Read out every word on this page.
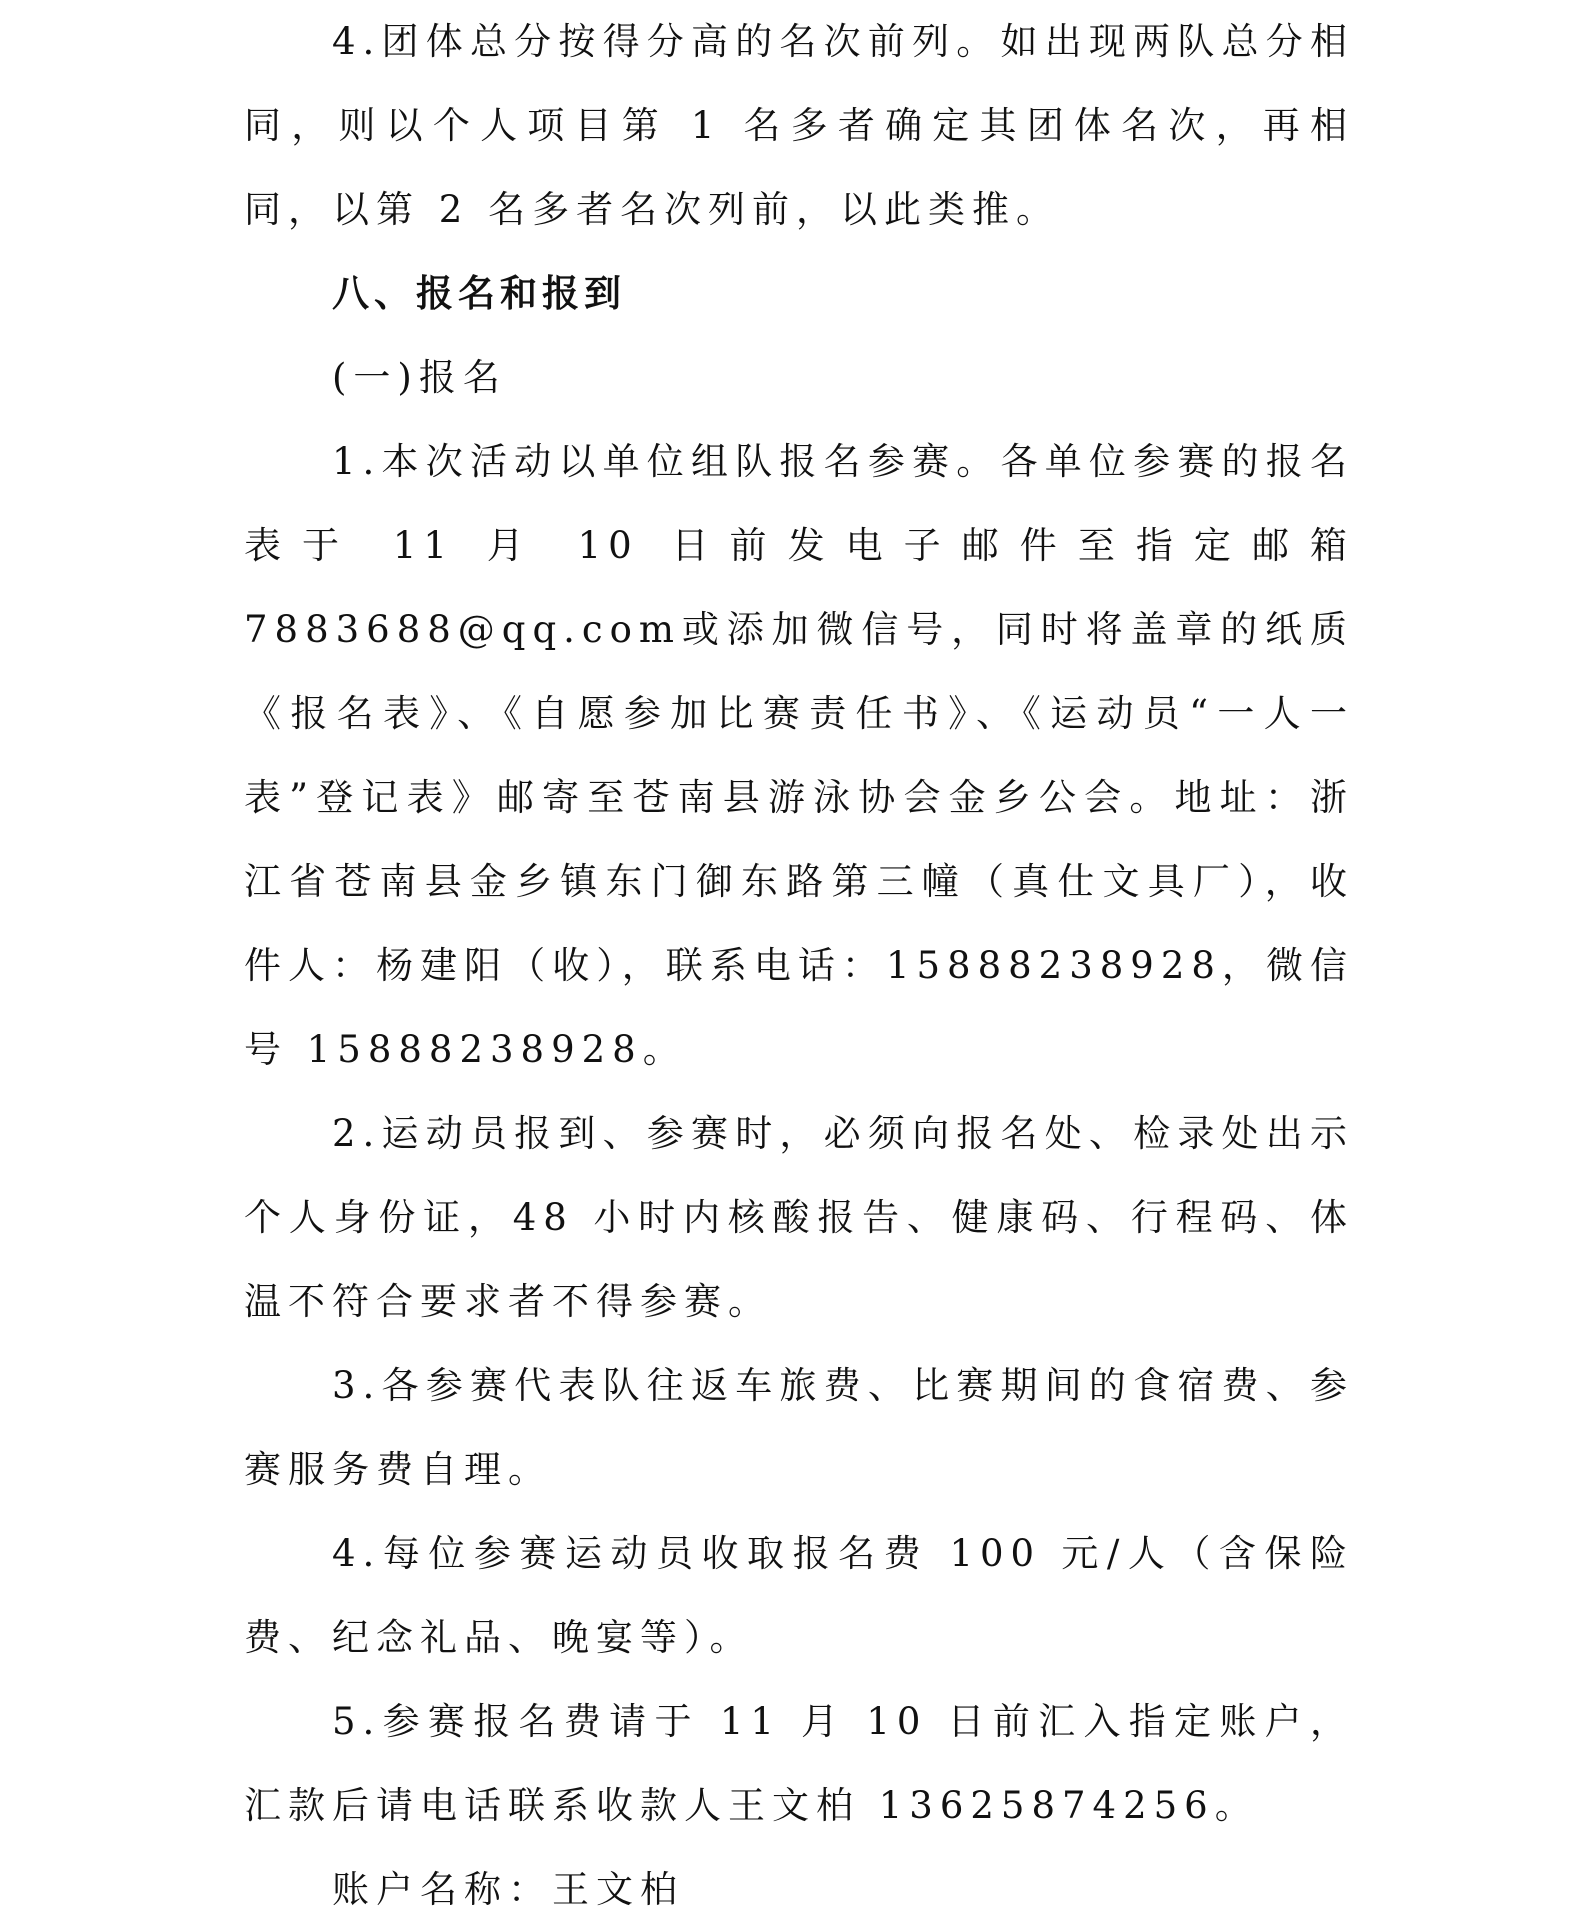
4.团体总分按得分高的名次前列。如出现两队总分相同，则以个人项目第 1 名多者确定其团体名次，再相同，以第 2 名多者名次列前，以此类推。

八、报名和报到

(一)报名

1.本次活动以单位组队报名参赛。各单位参赛的报名表于 11 月 10 日前发电子邮件至指定邮箱 7883688@qq.com或添加微信号，同时将盖章的纸质《报名表》、《自愿参加比赛责任书》、《运动员“一人一表”登记表》邮寄至苍南县游泳协会金乡公会。地址：浙江省苍南县金乡镇东门御东路第三幢（真仕文具厂），收件人：杨建阳（收），联系电话：15888238928，微信号 15888238928。

2.运动员报到、参赛时，必须向报名处、检录处出示个人身份证，48 小时内核酸报告、健康码、行程码、体温不符合要求者不得参赛。

3.各参赛代表队往返车旅费、比赛期间的食宿费、参赛服务费自理。

4.每位参赛运动员收取报名费 100 元/人（含保险费、纪念礼品、晚宴等）。

5.参赛报名费请于 11 月 10 日前汇入指定账户，汇款后请电话联系收款人王文柏 13625874256。

账户名称：王文柏
